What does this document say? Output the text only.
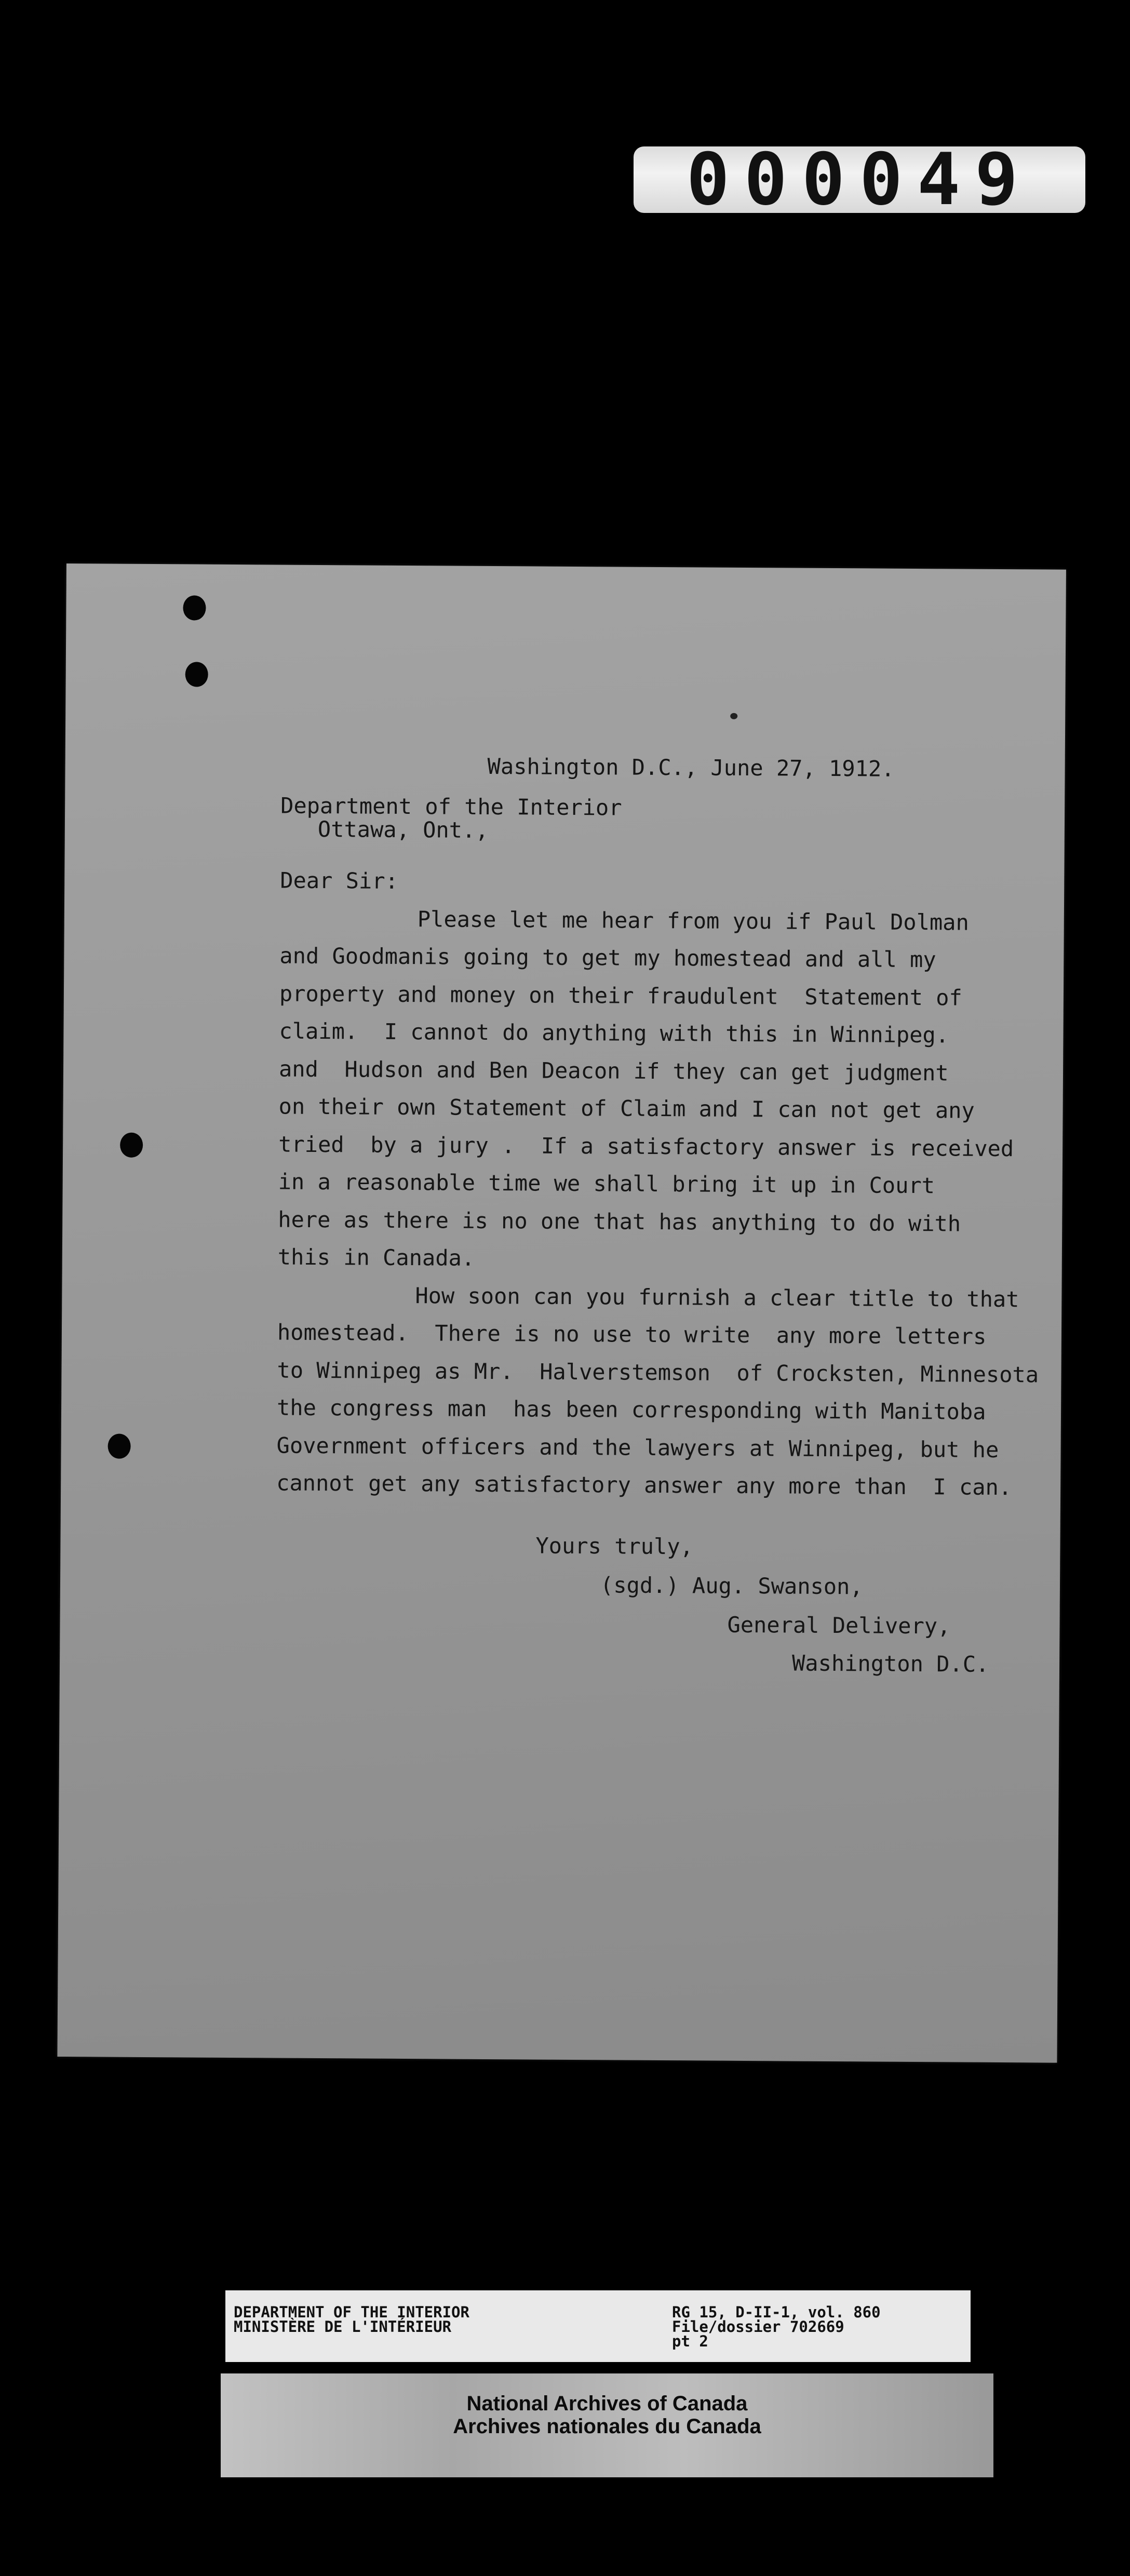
000049
Washington D.C., June 27, 1912.
Department of the Interior
Ottawa, Ont.,
Dear Sir:
Please let me hear from you if Paul Dolman
and Goodmanis going to get my homestead and all my
property and money on their fraudulent  Statement of
claim.  I cannot do anything with this in Winnipeg.
and  Hudson and Ben Deacon if they can get judgment
on their own Statement of Claim and I can not get any
tried  by a jury .  If a satisfactory answer is received
in a reasonable time we shall bring it up in Court
here as there is no one that has anything to do with
this in Canada.
How soon can you furnish a clear title to that
homestead.  There is no use to write  any more letters
to Winnipeg as Mr.  Halverstemson  of Crocksten, Minnesota
the congress man  has been corresponding with Manitoba
Government officers and the lawyers at Winnipeg, but he
cannot get any satisfactory answer any more than  I can.
Yours truly,
(sgd.) Aug. Swanson,
General Delivery,
Washington D.C.
DEPARTMENT OF THE INTERIOR
MINISTÈRE DE L'INTÉRIEUR
RG 15, D-II-1, vol. 860
File/dossier 702669
pt 2
National Archives of Canada
Archives nationales du Canada
